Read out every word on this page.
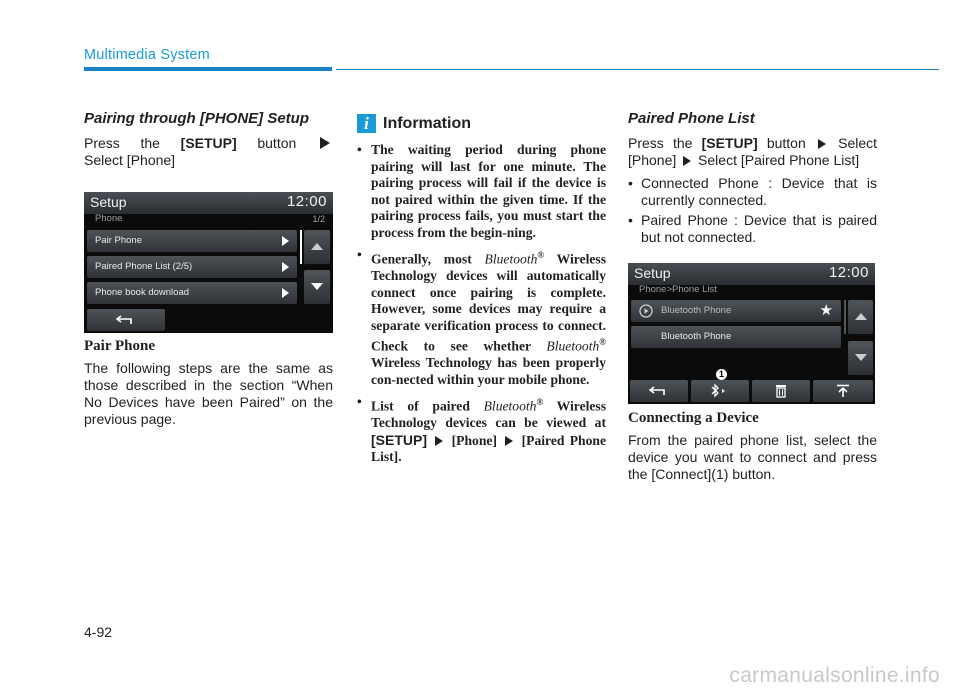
Multimedia System
Pairing through [PHONE] Setup

Press the [SETUP] button

Select [Phone]

Setup	12:00
Phone	1/2
Pair Phone
Paired Phone List (2/5)
Phone book download
Pair Phone

The following steps are the same as those described in the section “When No Devices have been Paired” on the previous page.

i Information
• The waiting period during phone pairing will last for one minute. The pairing process will fail if the device is not paired within the given time. If the pairing process fails, you must start the process from the begin-ning.
• Generally, most Bluetooth® Wireless Technology devices will automatically connect once pairing is complete. However, some devices may require a separate verification process to connect. Check to see whether Bluetooth® Wireless Technology has been properly con-nected within your mobile phone.
• List of paired Bluetooth® Wireless Technology devices can be viewed at [SETUP] [Phone] [Paired Phone List].
Paired Phone List

Press the [SETUP] button Select

[Phone] Select [Paired Phone List]

• Connected Phone : Device that is currently connected.
• Paired Phone : Device that is paired but not connected.
Setup	12:00
Phone>Phone List
Bluetooth Phone	★
Bluetooth Phone
1
Connecting a Device

From the paired phone list, select the device you want to connect and press the [Connect](1) button.

4-92
carmanualsonline.info
